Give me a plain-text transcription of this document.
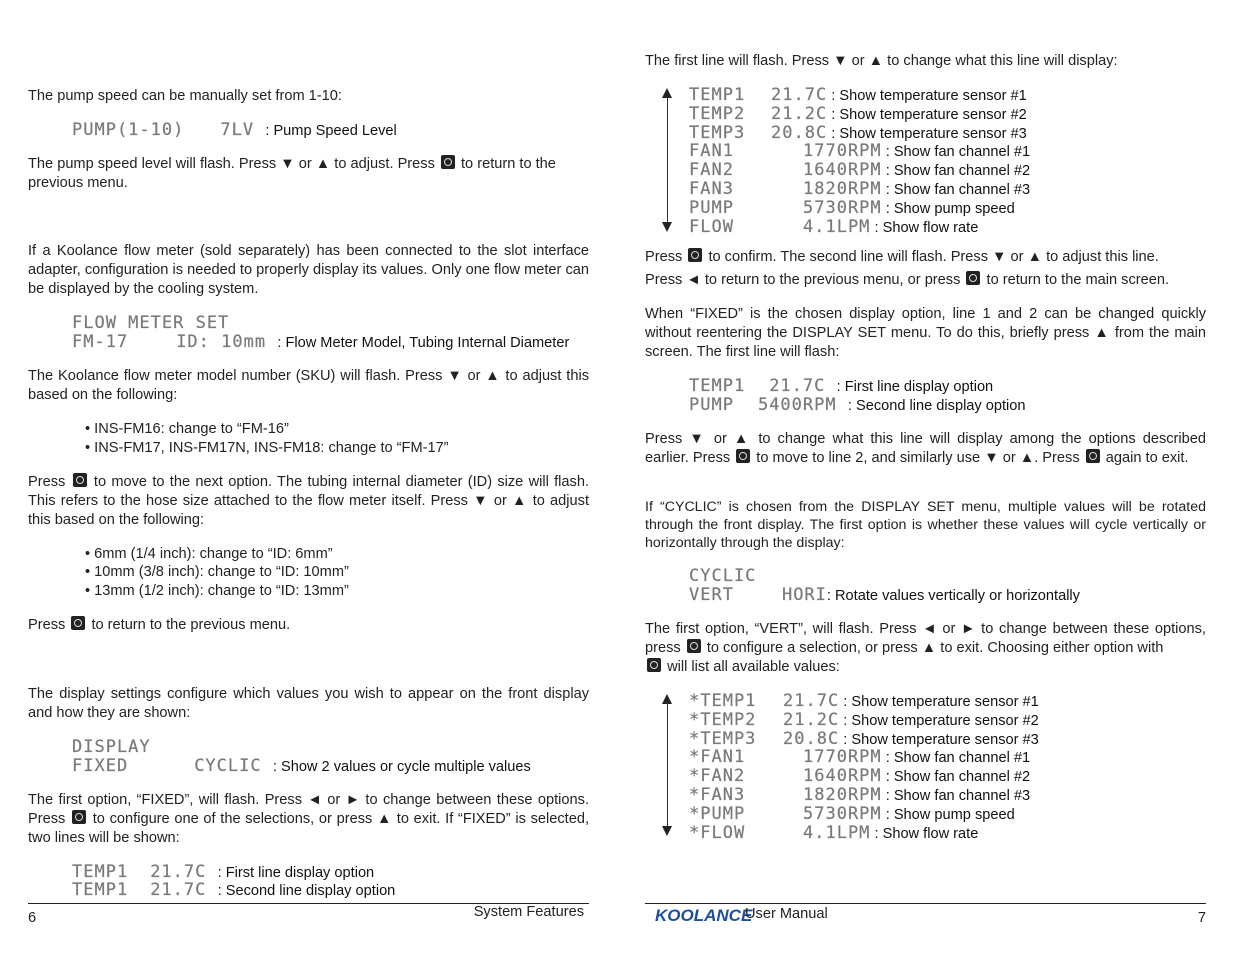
The pump speed can be manually set from 1-10:

PUMP(1-10) 7LV : Pump Speed Level

The pump speed level will flash. Press ▼ or ▲ to adjust. Press to return to the previous menu.

If a Koolance flow meter (sold separately) has been connected to the slot interface adapter, configuration is needed to properly display its values. Only one flow meter can be displayed by the cooling system.

FLOW METER SET
FM-17	ID: 10mm : Flow Meter Model, Tubing Internal Diameter

The Koolance flow meter model number (SKU) will flash. Press ▼ or ▲ to adjust this based on the following:

• INS-FM16: change to “FM-16”
• INS-FM17, INS-FM17N, INS-FM18: change to “FM-17”

Press to move to the next option. The tubing internal diameter (ID) size will flash. This refers to the hose size attached to the flow meter itself. Press ▼ or ▲ to adjust this based on the following:

• 6mm (1/4 inch): change to “ID: 6mm”
• 10mm (3/8 inch): change to “ID: 10mm”
• 13mm (1/2 inch): change to “ID: 13mm”

Press to return to the previous menu.

The display settings configure which values you wish to appear on the front display and how they are shown:

DISPLAY
FIXED	CYCLIC : Show 2 values or cycle multiple values

The first option, “FIXED”, will flash. Press ◄ or ► to change between these options. Press to configure one of the selections, or press ▲ to exit. If “FIXED” is selected, two lines will be shown:

TEMP1 21.7C : First line display option
TEMP1 21.7C : Second line display option
6	System Features

The first line will flash. Press ▼ or ▲ to change what this line will display:

TEMP1 21.7C : Show temperature sensor #1
TEMP2 21.2C : Show temperature sensor #2
TEMP3 20.8C : Show temperature sensor #3
FAN1	1770RPM : Show fan channel #1
FAN2	1640RPM : Show fan channel #2
FAN3	1820RPM : Show fan channel #3
PUMP	5730RPM : Show pump speed
FLOW	4.1LPM : Show flow rate

Press to confirm. The second line will flash. Press ▼ or ▲ to adjust this line.

Press ◄ to return to the previous menu, or press to return to the main screen.

When “FIXED” is the chosen display option, line 1 and 2 can be changed quickly without reentering the DISPLAY SET menu. To do this, briefly press ▲ from the main screen. The first line will flash:

TEMP1 21.7C : First line display option
PUMP 5400RPM : Second line display option

Press ▼ or ▲ to change what this line will display among the options described earlier. Press to move to line 2, and similarly use ▼ or ▲. Press again to exit.

If “CYCLIC” is chosen from the DISPLAY SET menu, multiple values will be rotated through the front display. The first option is whether these values will cycle vertically or horizontally through the display:

CYCLIC
VERT	HORI: Rotate values vertically or horizontally

The first option, “VERT”, will flash. Press ◄ or ► to change between these options, press to configure a selection, or press ▲ to exit. Choosing either option with
will list all available values:

*TEMP1 21.7C : Show temperature sensor #1
*TEMP2 21.2C : Show temperature sensor #2
*TEMP3 20.8C : Show temperature sensor #3
*FAN1	1770RPM : Show fan channel #1
*FAN2	1640RPM : Show fan channel #2
*FAN3	1820RPM : Show fan channel #3
*PUMP	5730RPM : Show pump speed
*FLOW	4.1LPM : Show flow rate
KOOLANCE
User Manual	7
